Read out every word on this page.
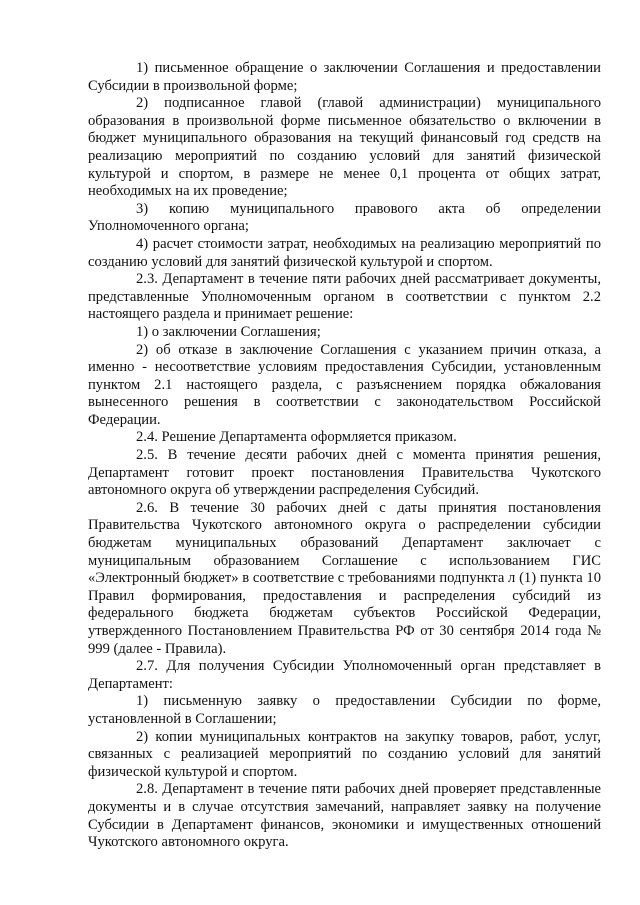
1) письменное обращение о заключении Соглашения и предоставлении Субсидии в произвольной форме;

2) подписанное главой (главой администрации) муниципального образования в произвольной форме письменное обязательство о включении в бюджет муниципального образования на текущий финансовый год средств на реализацию мероприятий по созданию условий для занятий физической культурой и спортом, в размере не менее 0,1 процента от общих затрат, необходимых на их проведение;

3) копию муниципального правового акта об определении Уполномоченного органа;

4) расчет стоимости затрат, необходимых на реализацию мероприятий по созданию условий для занятий физической культурой и спортом.

2.3. Департамент в течение пяти рабочих дней рассматривает документы, представленные Уполномоченным органом в соответствии с пунктом 2.2 настоящего раздела и принимает решение:

1) о заключении Соглашения;

2) об отказе в заключение Соглашения с указанием причин отказа, а именно - несоответствие условиям предоставления Субсидии, установленным пунктом 2.1 настоящего раздела, с разъяснением порядка обжалования вынесенного решения в соответствии с законодательством Российской Федерации.

2.4. Решение Департамента оформляется приказом.

2.5. В течение десяти рабочих дней с момента принятия решения, Департамент готовит проект постановления Правительства Чукотского автономного округа об утверждении распределения Субсидий.

2.6. В течение 30 рабочих дней с даты принятия постановления Правительства Чукотского автономного округа о распределении субсидии бюджетам муниципальных образований Департамент заключает с муниципальным образованием Соглашение с использованием ГИС «Электронный бюджет» в соответствие с требованиями подпункта л (1) пункта 10 Правил формирования, предоставления и распределения субсидий из федерального бюджета бюджетам субъектов Российской Федерации, утвержденного Постановлением Правительства РФ от 30 сентября 2014 года № 999 (далее - Правила).

2.7. Для получения Субсидии Уполномоченный орган представляет в Департамент:

1) письменную заявку о предоставлении Субсидии по форме, установленной в Соглашении;

2) копии муниципальных контрактов на закупку товаров, работ, услуг, связанных с реализацией мероприятий по созданию условий для занятий физической культурой и спортом.

2.8. Департамент в течение пяти рабочих дней проверяет представленные документы и в случае отсутствия замечаний, направляет заявку на получение Субсидии в Департамент финансов, экономики и имущественных отношений Чукотского автономного округа.
